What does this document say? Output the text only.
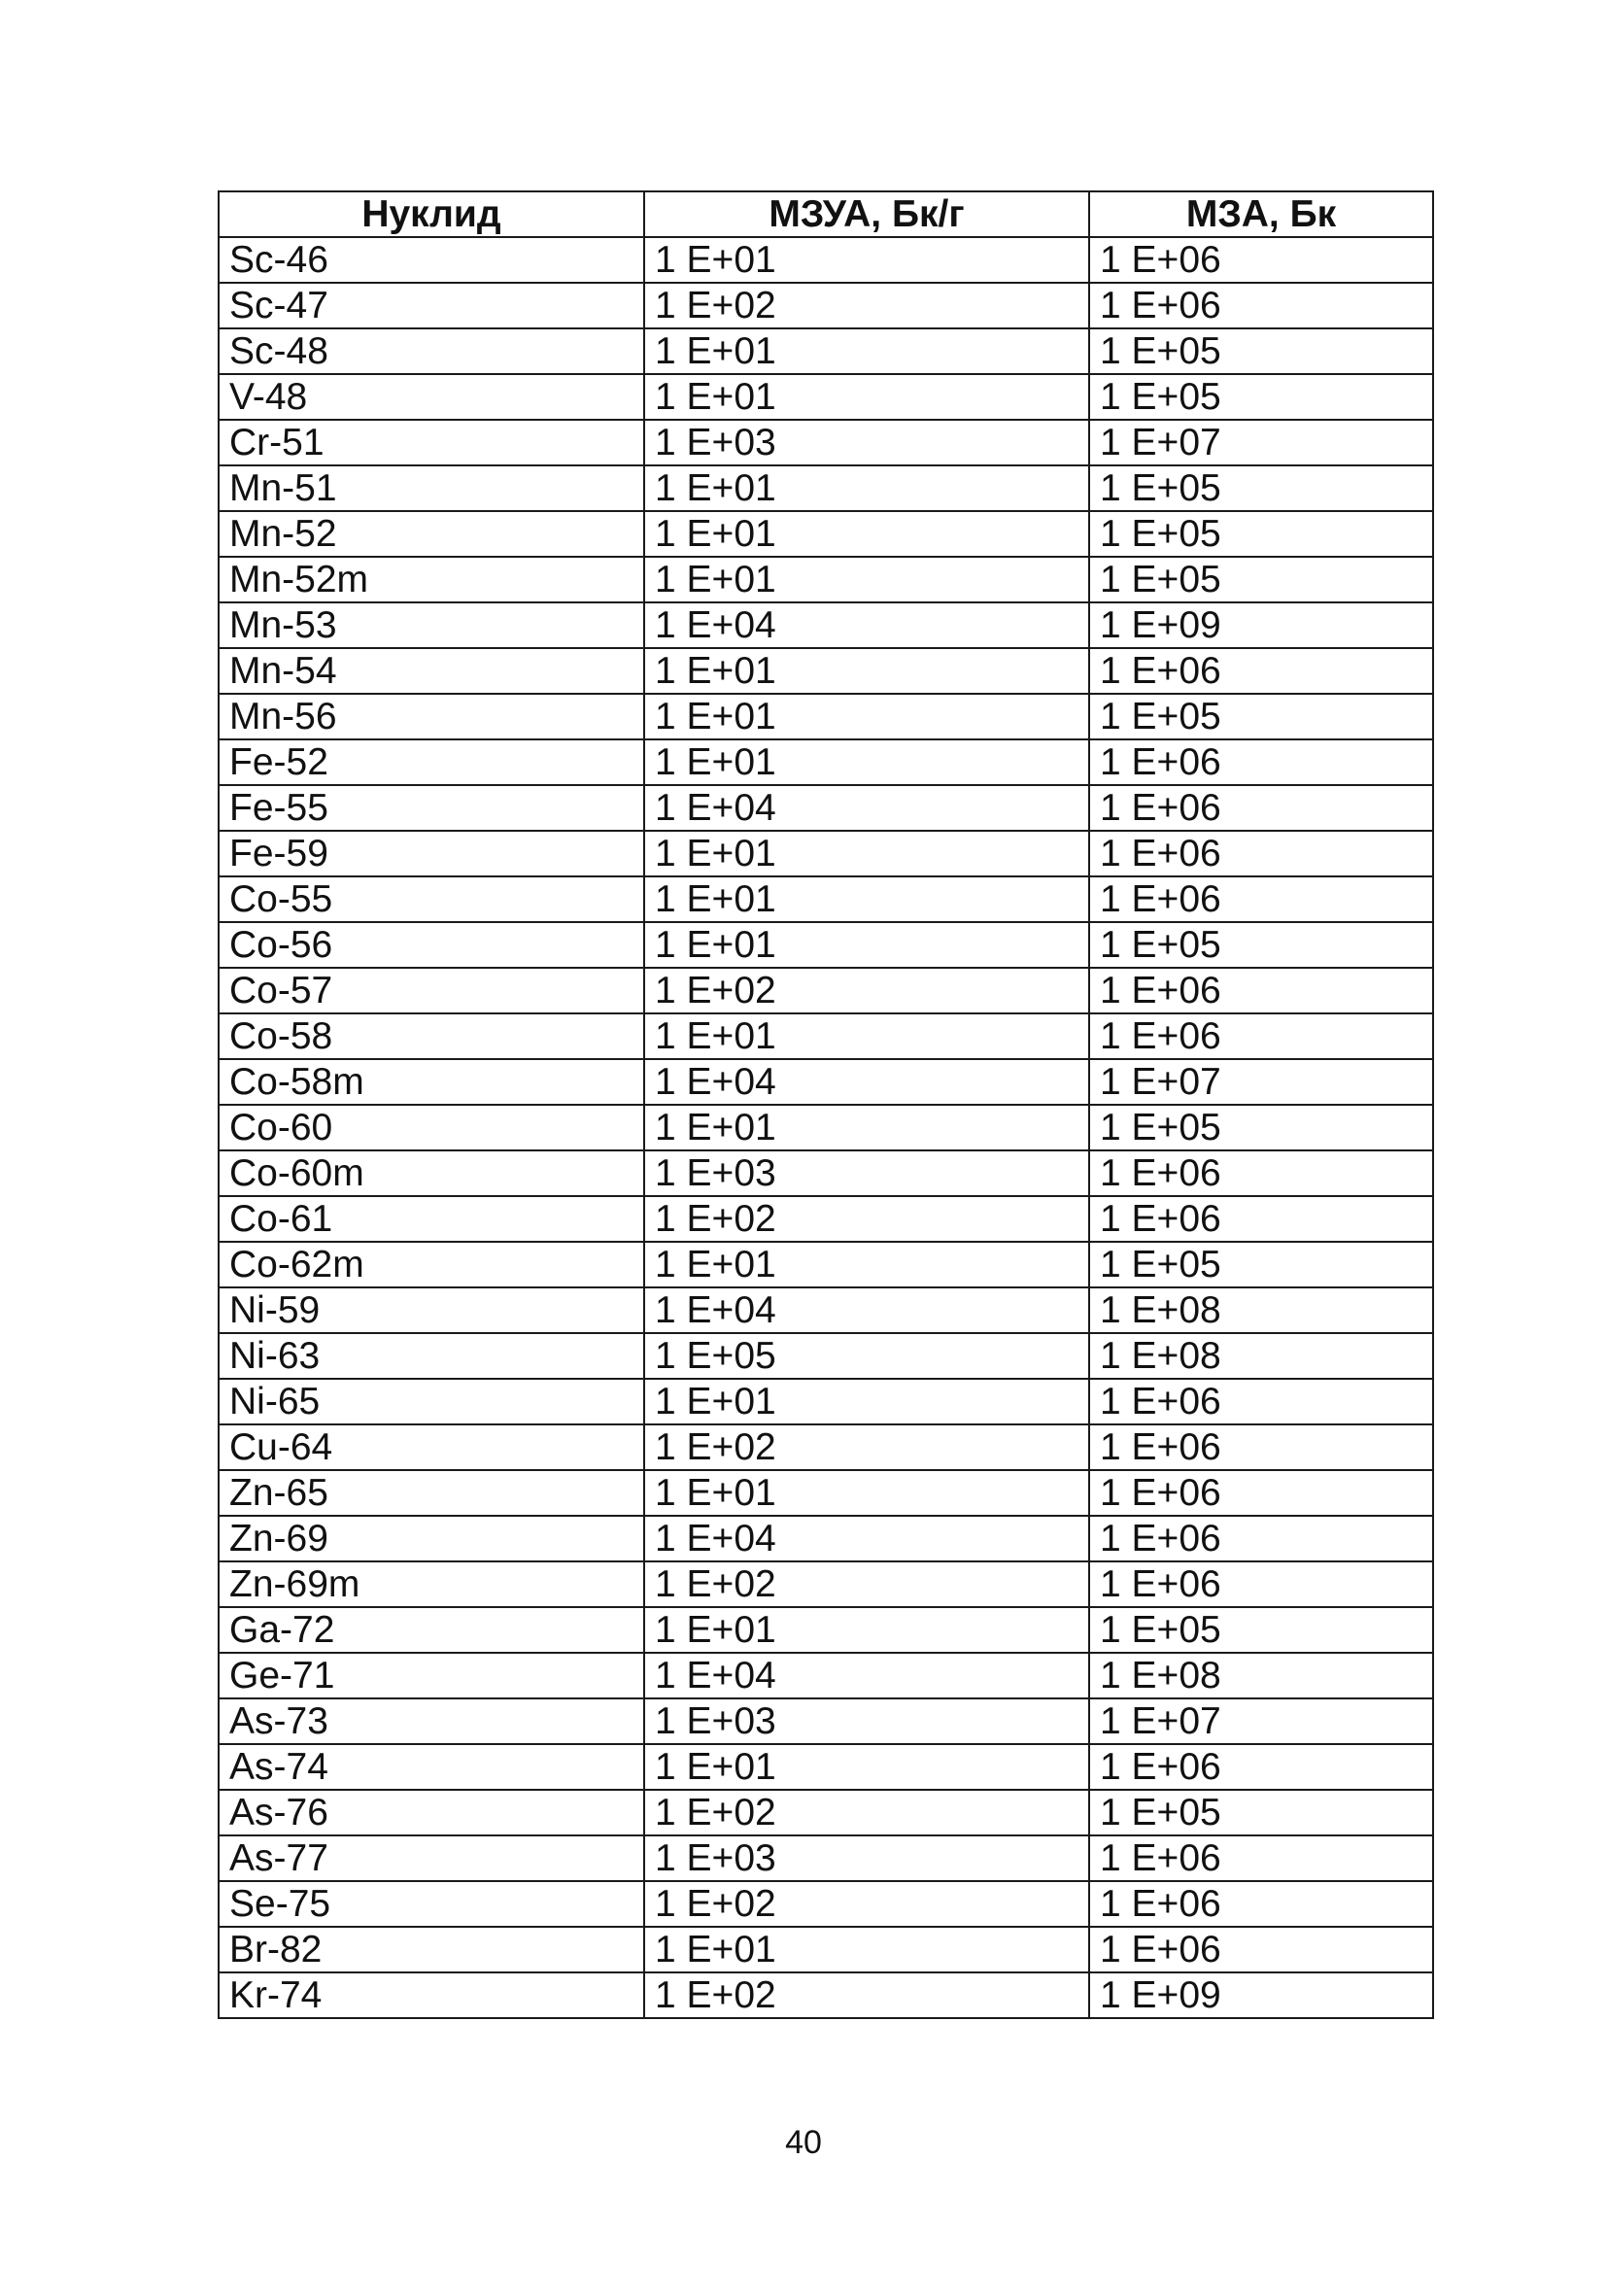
Нуклид	МЗУА, Бк/г	МЗА, Бк
Sc-46	1 E+01	1 E+06
Sc-47	1 E+02	1 E+06
Sc-48	1 E+01	1 E+05
V-48	1 E+01	1 E+05
Cr-51	1 E+03	1 E+07
Mn-51	1 E+01	1 E+05
Mn-52	1 E+01	1 E+05
Mn-52m	1 E+01	1 E+05
Mn-53	1 E+04	1 E+09
Mn-54	1 E+01	1 E+06
Mn-56	1 E+01	1 E+05
Fe-52	1 E+01	1 E+06
Fe-55	1 E+04	1 E+06
Fe-59	1 E+01	1 E+06
Co-55	1 E+01	1 E+06
Co-56	1 E+01	1 E+05
Co-57	1 E+02	1 E+06
Co-58	1 E+01	1 E+06
Co-58m	1 E+04	1 E+07
Co-60	1 E+01	1 E+05
Co-60m	1 E+03	1 E+06
Co-61	1 E+02	1 E+06
Co-62m	1 E+01	1 E+05
Ni-59	1 E+04	1 E+08
Ni-63	1 E+05	1 E+08
Ni-65	1 E+01	1 E+06
Cu-64	1 E+02	1 E+06
Zn-65	1 E+01	1 E+06
Zn-69	1 E+04	1 E+06
Zn-69m	1 E+02	1 E+06
Ga-72	1 E+01	1 E+05
Ge-71	1 E+04	1 E+08
As-73	1 E+03	1 E+07
As-74	1 E+01	1 E+06
As-76	1 E+02	1 E+05
As-77	1 E+03	1 E+06
Se-75	1 E+02	1 E+06
Br-82	1 E+01	1 E+06
Kr-74	1 E+02	1 E+09
40
